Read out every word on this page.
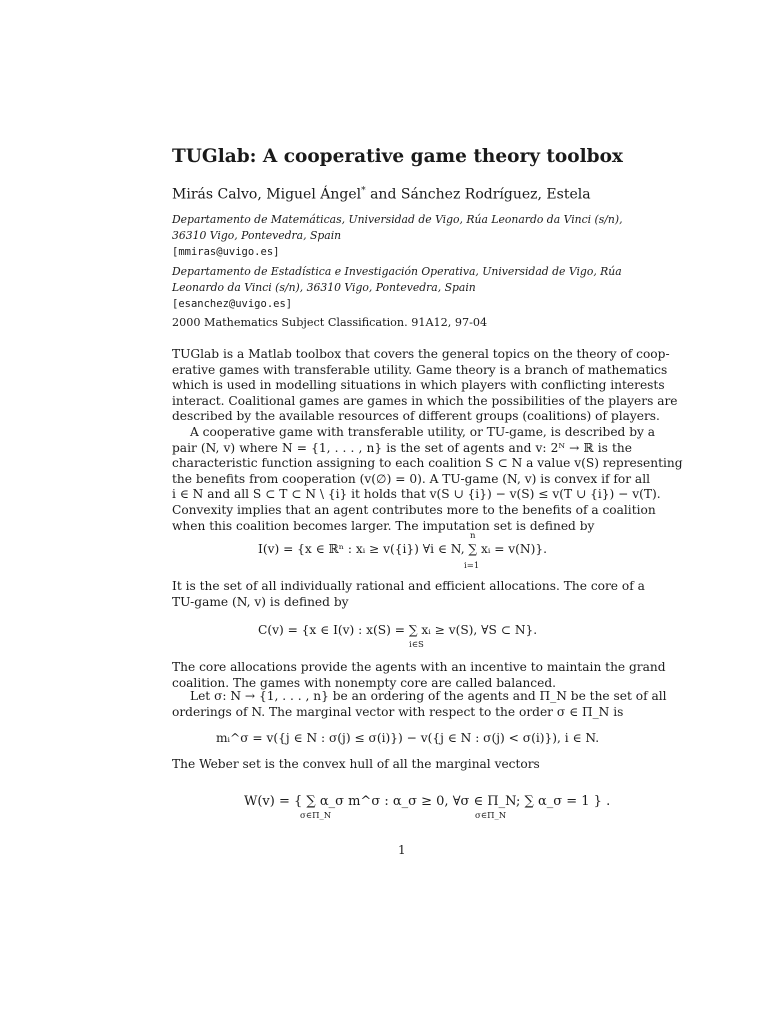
TUGlab: A cooperative game theory toolbox
Mirás Calvo, Miguel Ángel* and Sánchez Rodríguez, Estela
Departamento de Matemáticas, Universidad de Vigo, Rúa Leonardo da Vinci (s/n),
36310 Vigo, Pontevedra, Spain
[mmiras@uvigo.es]
Departamento de Estadística e Investigación Operativa, Universidad de Vigo, Rúa
Leonardo da Vinci (s/n), 36310 Vigo, Pontevedra, Spain
[esanchez@uvigo.es]
2000 Mathematics Subject Classification. 91A12, 97-04
TUGlab is a Matlab toolbox that covers the general topics on the theory of coop-
erative games with transferable utility. Game theory is a branch of mathematics
which is used in modelling situations in which players with conflicting interests
interact. Coalitional games are games in which the possibilities of the players are
described by the available resources of different groups (coalitions) of players.
A cooperative game with transferable utility, or TU-game, is described by a
pair (N, v) where N = {1, . . . , n} is the set of agents and v: 2ᴺ → ℝ is the
characteristic function assigning to each coalition S ⊂ N a value v(S) representing
the benefits from cooperation (v(∅) = 0). A TU-game (N, v) is convex if for all
i ∈ N and all S ⊂ T ⊂ N \ {i} it holds that v(S ∪ {i}) − v(S) ≤ v(T ∪ {i}) − v(T).
Convexity implies that an agent contributes more to the benefits of a coalition
when this coalition becomes larger. The imputation set is defined by
I(v) = {x ∈ ℝⁿ : xᵢ ≥ v({i}) ∀i ∈ N, ∑ xᵢ = v(N)}.
n
i=1
It is the set of all individually rational and efficient allocations. The core of a
TU-game (N, v) is defined by
C(v) = {x ∈ I(v) : x(S) = ∑ xᵢ ≥ v(S), ∀S ⊂ N}.
i∈S
The core allocations provide the agents with an incentive to maintain the grand
coalition. The games with nonempty core are called balanced.
Let σ: N → {1, . . . , n} be an ordering of the agents and Π_N be the set of all
orderings of N. The marginal vector with respect to the order σ ∈ Π_N is
mᵢ^σ = v({j ∈ N : σ(j) ≤ σ(i)}) − v({j ∈ N : σ(j) < σ(i)}), i ∈ N.
The Weber set is the convex hull of all the marginal vectors
W(v) = { ∑ α_σ m^σ : α_σ ≥ 0, ∀σ ∈ Π_N; ∑ α_σ = 1 } .
σ∈Π_N	σ∈Π_N
1
